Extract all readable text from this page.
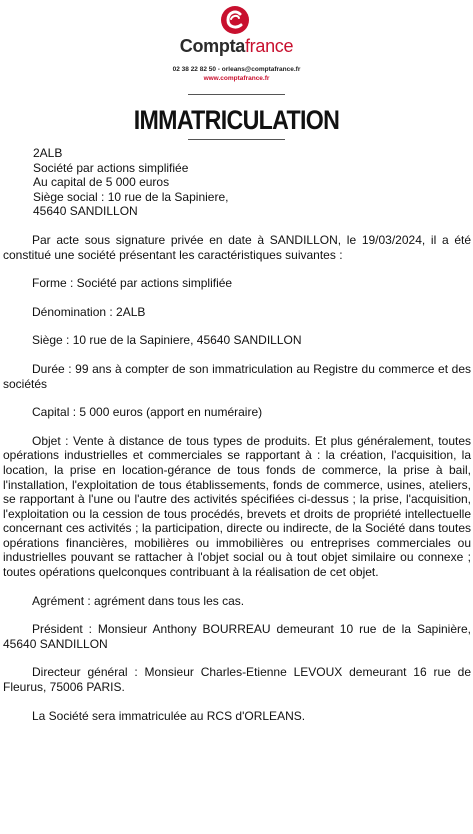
Comptafrance
02 38 22 82 50 - orleans@comptafrance.fr
www.comptafrance.fr
IMMATRICULATION

2ALB

Société par actions simplifiée

Au capital de 5 000 euros

Siège social : 10 rue de la Sapiniere,

45640 SANDILLON

Par acte sous signature privée en date à SANDILLON, le 19/03/2024, il a été constitué une société présentant les caractéristiques suivantes :

Forme : Société par actions simplifiée

Dénomination : 2ALB

Siège : 10 rue de la Sapiniere, 45640 SANDILLON

Durée : 99 ans à compter de son immatriculation au Registre du commerce et des sociétés

Capital : 5 000 euros (apport en numéraire)

Objet : Vente à distance de tous types de produits. Et plus généralement, toutes opérations industrielles et commerciales se rapportant à : la création, l'acquisition, la location, la prise en location-gérance de tous fonds de commerce, la prise à bail, l'installation, l'exploitation de tous établissements, fonds de commerce, usines, ateliers, se rapportant à l'une ou l'autre des activités spécifiées ci-dessus ; la prise, l'acquisition, l'exploitation ou la cession de tous procédés, brevets et droits de propriété intellectuelle concernant ces activités ; la participation, directe ou indirecte, de la Société dans toutes opérations financières, mobilières ou immobilières ou entreprises commerciales ou industrielles pouvant se rattacher à l'objet social ou à tout objet similaire ou connexe ; toutes opérations quelconques contribuant à la réalisation de cet objet.

Agrément : agrément dans tous les cas.

Président : Monsieur Anthony BOURREAU demeurant 10 rue de la Sapinière, 45640 SANDILLON

Directeur général : Monsieur Charles-Etienne LEVOUX demeurant 16 rue de Fleurus, 75006 PARIS.

La Société sera immatriculée au RCS d'ORLEANS.
